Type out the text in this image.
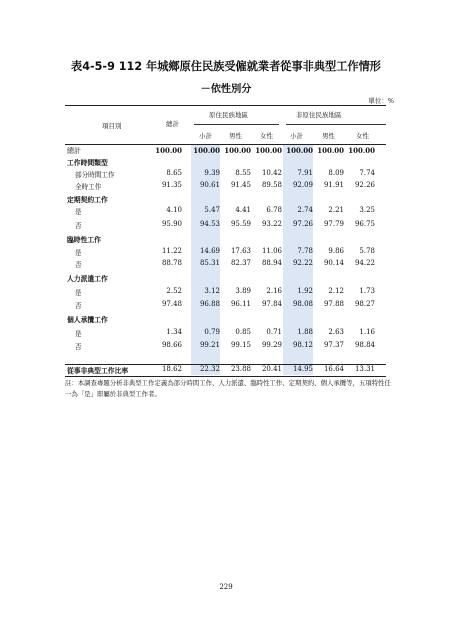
表4-5-9 112 年城鄉原住民族受僱就業者從事非典型工作情形
－依性別分
單位：%
項目別	總計
原住民族地區	非原住民族地區
小計	男性	女性	小計	男性	女性
總計	100.00	100.00 100.00 100.00 100.00 100.00 100.00
工作時間類型
部分時間工作	8.65	9.39	8.55	10.42	7.91	8.09	7.74
全時工作	91.35	90.61	91.45	89.58	92.09	91.91	92.26
定期契約工作
是	4.10	5.47	4.41	6.78	2.74	2.21	3.25
否	95.90	94.53	95.59	93.22	97.26	97.79	96.75
臨時性工作
是	11.22	14.69	17.63	11.06	7.78	9.86	5.78
否	88.78	85.31	82.37	88.94	92.22	90.14	94.22
人力派遣工作
是	2.52	3.12	3.89	2.16	1.92	2.12	1.73
否	97.48	96.88	96.11	97.84	98.08	97.88	98.27
個人承攬工作
是	1.34	0.79	0.85	0.71	1.88	2.63	1.16
否	98.66	99.21	99.15	99.29	98.12	97.37	98.84
從事非典型工作比率	18.62	22.32	23.88	20.41	14.95	16.64	13.31
註：本調查專題分析非典型工作定義為部分時間工作、人力派遣、臨時性工作、定期契約、個人承攬等，五項特性任一為「是」即屬於非典型工作者。
229
